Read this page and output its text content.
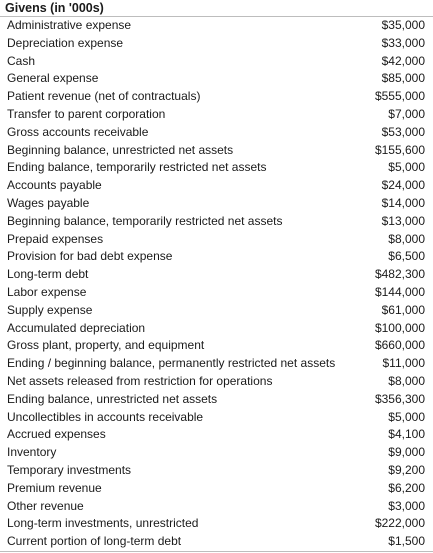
Givens (in '000s)
Administrative expense	$35,000
Depreciation expense	$33,000
Cash	$42,000
General expense	$85,000
Patient revenue (net of contractuals)	$555,000
Transfer to parent corporation	$7,000
Gross accounts receivable	$53,000
Beginning balance, unrestricted net assets	$155,600
Ending balance, temporarily restricted net assets	$5,000
Accounts payable	$24,000
Wages payable	$14,000
Beginning balance, temporarily restricted net assets	$13,000
Prepaid expenses	$8,000
Provision for bad debt expense	$6,500
Long-term debt	$482,300
Labor expense	$144,000
Supply expense	$61,000
Accumulated depreciation	$100,000
Gross plant, property, and equipment	$660,000
Ending / beginning balance, permanently restricted net assets	$11,000
Net assets released from restriction for operations	$8,000
Ending balance, unrestricted net assets	$356,300
Uncollectibles in accounts receivable	$5,000
Accrued expenses	$4,100
Inventory	$9,000
Temporary investments	$9,200
Premium revenue	$6,200
Other revenue	$3,000
Long-term investments, unrestricted	$222,000
Current portion of long-term debt	$1,500
